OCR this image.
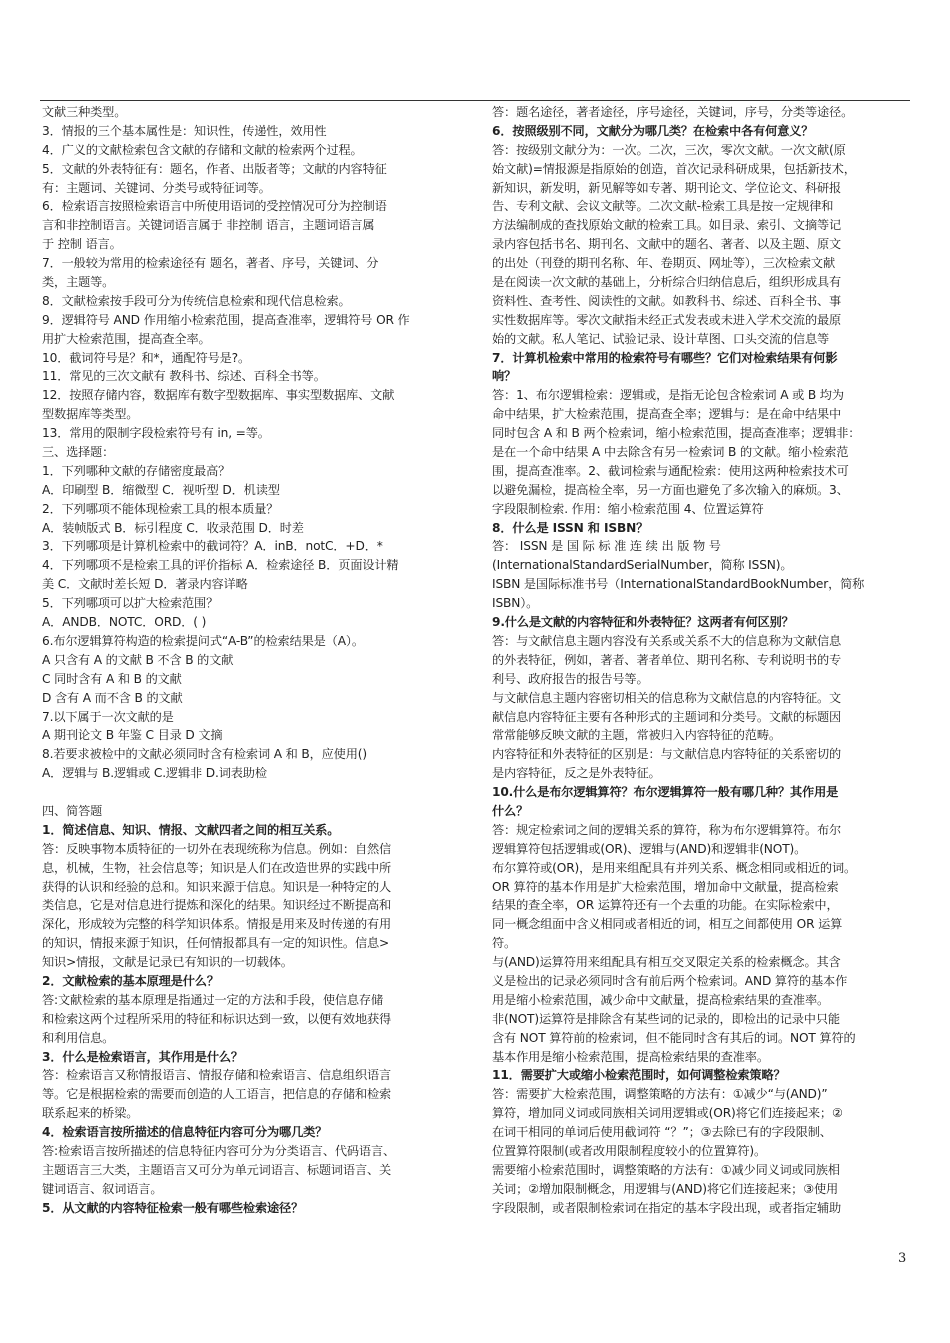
文献三种类型。
3．情报的三个基本属性是：知识性，传递性，效用性
4．广义的文献检索包含文献的存储和文献的检索两个过程。
5．文献的外表特征有：题名，作者、出版者等；文献的内容特征
有：主题词、关键词、分类号或特征词等。
6．检索语言按照检索语言中所使用语词的受控情况可分为控制语
言和非控制语言。关键词语言属于 非控制 语言，主题词语言属
于 控制 语言。
7．一般较为常用的检索途径有 题名，著者、序号，关键词、分
类，主题等。
8．文献检索按手段可分为传统信息检索和现代信息检索。
9．逻辑符号 AND 作用缩小检索范围，提高查准率，逻辑符号 OR 作
用扩大检索范围，提高查全率。
10．截词符号是？和*，通配符号是?。
11．常见的三次文献有 教科书、综述、百科全书等。
12．按照存储内容，数据库有数字型数据库、事实型数据库、文献
型数据库等类型。
13．常用的限制字段检索符号有 in, =等。
三、选择题：
1．下列哪种文献的存储密度最高？
A．印刷型 B．缩微型 C．视听型 D．机读型
2．下列哪项不能体现检索工具的根本质量？
A．装帧版式 B．标引程度 C．收录范围 D．时差
3．下列哪项是计算机检索中的截词符？A．inB．notC．+D．*
4．下列哪项不是检索工具的评价指标 A．检索途径 B．页面设计精
美 C．文献时差长短 D．著录内容详略
5．下列哪项可以扩大检索范围？
A．ANDB．NOTC．ORD．( )
6.布尔逻辑算符构造的检索提问式“A-B”的检索结果是（A）。
A 只含有 A 的文献 B 不含 B 的文献
C 同时含有 A 和 B 的文献
D 含有 A 而不含 B 的文献
7.以下属于一次文献的是
A 期刊论文 B 年鉴 C 目录 D 文摘
8.若要求被检中的文献必须同时含有检索词 A 和 B，应使用()
A．逻辑与 B.逻辑或 C.逻辑非 D.词表助检
四、简答题
1．简述信息、知识、情报、文献四者之间的相互关系。
答：反映事物本质特征的一切外在表现统称为信息。例如：自然信
息，机械，生物，社会信息等；知识是人们在改造世界的实践中所
获得的认识和经验的总和。知识来源于信息。知识是一种特定的人
类信息，它是对信息进行提炼和深化的结果。知识经过不断提高和
深化，形成较为完整的科学知识体系。情报是用来及时传递的有用
的知识，情报来源于知识，任何情报都具有一定的知识性。信息>
知识>情报，文献是记录已有知识的一切载体。
2．文献检索的基本原理是什么？
答:文献检索的基本原理是指通过一定的方法和手段，使信息存储
和检索这两个过程所采用的特征和标识达到一致，以便有效地获得
和利用信息。
3．什么是检索语言，其作用是什么？
答：检索语言又称情报语言、情报存储和检索语言、信息组织语言
等。它是根据检索的需要而创造的人工语言，把信息的存储和检索
联系起来的桥梁。
4．检索语言按所描述的信息特征内容可分为哪几类？
答:检索语言按所描述的信息特征内容可分为分类语言、代码语言、
主题语言三大类，主题语言又可分为单元词语言、标题词语言、关
键词语言、叙词语言。
5．从文献的内容特征检索一般有哪些检索途径？
答：题名途径，著者途径，序号途径，关键词，序号，分类等途径。
6．按照级别不同，文献分为哪几类？在检索中各有何意义？
答：按级别文献分为：一次。二次，三次，零次文献。一次文献(原
始文献)=情报源是指原始的创造，首次记录科研成果，包括新技术，
新知识，新发明，新见解等如专著、期刊论文、学位论文、科研报
告、专利文献、会议文献等。二次文献-检索工具是按一定规律和
方法编制成的查找原始文献的检索工具。如目录、索引、文摘等记
录内容包括书名、期刊名、文献中的题名、著者、以及主题、原文
的出处（刊登的期刊名称、年、卷期页、网址等），三次检索文献
是在阅读一次文献的基础上，分析综合归纳信息后，组织形成具有
资料性、查考性、阅读性的文献。如教科书、综述、百科全书、事
实性数据库等。零次文献指未经正式发表或未进入学术交流的最原
始的文献。私人笔记、试验记录、设计草图、口头交流的信息等
7．计算机检索中常用的检索符号有哪些？它们对检索结果有何影
响？
答：1、布尔逻辑检索：逻辑或，是指无论包含检索词 A 或 B 均为
命中结果，扩大检索范围，提高查全率；逻辑与：是在命中结果中
同时包含 A 和 B 两个检索词，缩小检索范围，提高查准率；逻辑非：
是在一个命中结果 A 中去除含有另一检索词 B 的文献。缩小检索范
围，提高查准率。2、截词检索与通配检索：使用这两种检索技术可
以避免漏检，提高检全率，另一方面也避免了多次输入的麻烦。3、
字段限制检索. 作用：缩小检索范围 4、位置运算符
8．什么是 ISSN 和 ISBN？
答： ISSN 是 国 际 标 准 连 续 出 版 物 号
(InternationalStandardSerialNumber，简称 ISSN)。
ISBN 是国际标准书号（InternationalStandardBookNumber，简称
ISBN）。
9.什么是文献的内容特征和外表特征？这两者有何区别？
答：与文献信息主题内容没有关系或关系不大的信息称为文献信息
的外表特征，例如，著者、著者单位、期刊名称、专利说明书的专
利号、政府报告的报告号等。
与文献信息主题内容密切相关的信息称为文献信息的内容特征。文
献信息内容特征主要有各种形式的主题词和分类号。文献的标题因
常常能够反映文献的主题，常被归入内容特征的范畴。
内容特征和外表特征的区别是：与文献信息内容特征的关系密切的
是内容特征，反之是外表特征。
10.什么是布尔逻辑算符？布尔逻辑算符一般有哪几种？其作用是
什么？
答：规定检索词之间的逻辑关系的算符，称为布尔逻辑算符。布尔
逻辑算符包括逻辑或(OR)、逻辑与(AND)和逻辑非(NOT)。
布尔算符或(OR)，是用来组配具有并列关系、概念相同或相近的词。
OR 算符的基本作用是扩大检索范围，增加命中文献量，提高检索
结果的查全率，OR 运算符还有一个去重的功能。在实际检索中，
同一概念组面中含义相同或者相近的词，相互之间都使用 OR 运算
符。
与(AND)运算符用来组配具有相互交叉限定关系的检索概念。其含
义是检出的记录必须同时含有前后两个检索词。AND 算符的基本作
用是缩小检索范围，减少命中文献量，提高检索结果的查准率。
非(NOT)运算符是排除含有某些词的记录的，即检出的记录中只能
含有 NOT 算符前的检索词，但不能同时含有其后的词。NOT 算符的
基本作用是缩小检索范围，提高检索结果的查准率。
11．需要扩大或缩小检索范围时，如何调整检索策略？
答：需要扩大检索范围，调整策略的方法有：①减少“与(AND)”
算符，增加同义词或同族相关词用逻辑或(OR)将它们连接起来；②
在词干相同的单词后使用截词符 “？”；③去除已有的字段限制、
位置算符限制(或者改用限制程度较小的位置算符)。
需要缩小检索范围时，调整策略的方法有：①减少同义词或同族相
关词；②增加限制概念，用逻辑与(AND)将它们连接起来；③使用
字段限制，或者限制检索词在指定的基本字段出现，或者指定辅助
3
